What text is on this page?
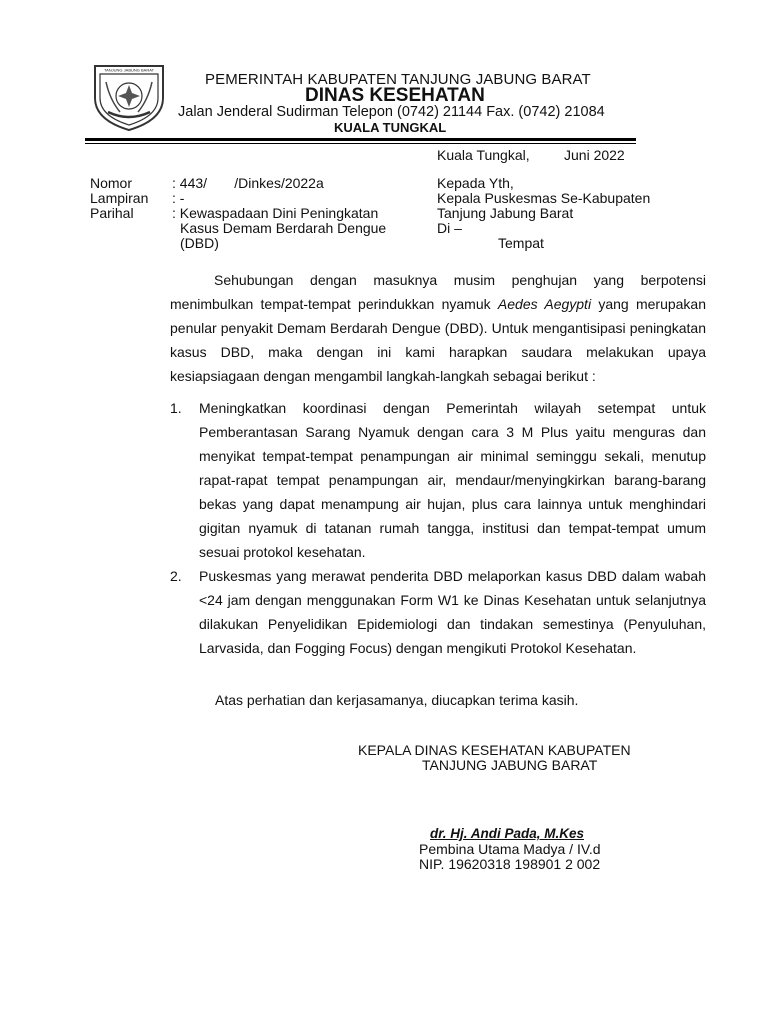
TANJUNG JABUNG BARAT
PEMERINTAH KABUPATEN TANJUNG JABUNG BARAT
DINAS KESEHATAN
Jalan Jenderal Sudirman Telepon (0742) 21144 Fax. (0742) 21084
KUALA TUNGKAL
Kuala Tungkal, Juni 2022
Nomor
Lampiran
Parihal
: 443/       /Dinkes/2022a
: -
: Kewaspadaan Dini Peningkatan
Kasus Demam Berdarah Dengue
(DBD)
Kepada Yth,
Kepala Puskesmas Se-Kabupaten
Tanjung Jabung Barat
Di –
Tempat

Sehubungan dengan masuknya musim penghujan yang berpotensi menimbulkan tempat-tempat perindukkan nyamuk Aedes Aegypti yang merupakan penular penyakit Demam Berdarah Dengue (DBD). Untuk mengantisipasi peningkatan kasus DBD, maka dengan ini kami harapkan saudara melakukan upaya kesiapsiagaan dengan mengambil langkah-langkah sebagai berikut :

1. Meningkatkan koordinasi dengan Pemerintah wilayah setempat untuk Pemberantasan Sarang Nyamuk dengan cara 3 M Plus yaitu menguras dan menyikat tempat-tempat penampungan air minimal seminggu sekali, menutup rapat-rapat tempat penampungan air, mendaur/menyingkirkan barang-barang bekas yang dapat menampung air hujan, plus cara lainnya untuk menghindari gigitan nyamuk di tatanan rumah tangga, institusi dan tempat-tempat umum sesuai protokol kesehatan.
2. Puskesmas yang merawat penderita DBD melaporkan kasus DBD dalam wabah <24 jam dengan menggunakan Form W1 ke Dinas Kesehatan untuk selanjutnya dilakukan Penyelidikan Epidemiologi dan tindakan semestinya (Penyuluhan, Larvasida, dan Fogging Focus) dengan mengikuti Protokol Kesehatan.
Atas perhatian dan kerjasamanya, diucapkan terima kasih.
KEPALA DINAS KESEHATAN KABUPATEN
TANJUNG JABUNG BARAT
dr. Hj. Andi Pada, M.Kes
Pembina Utama Madya / IV.d
NIP. 19620318 198901 2 002
